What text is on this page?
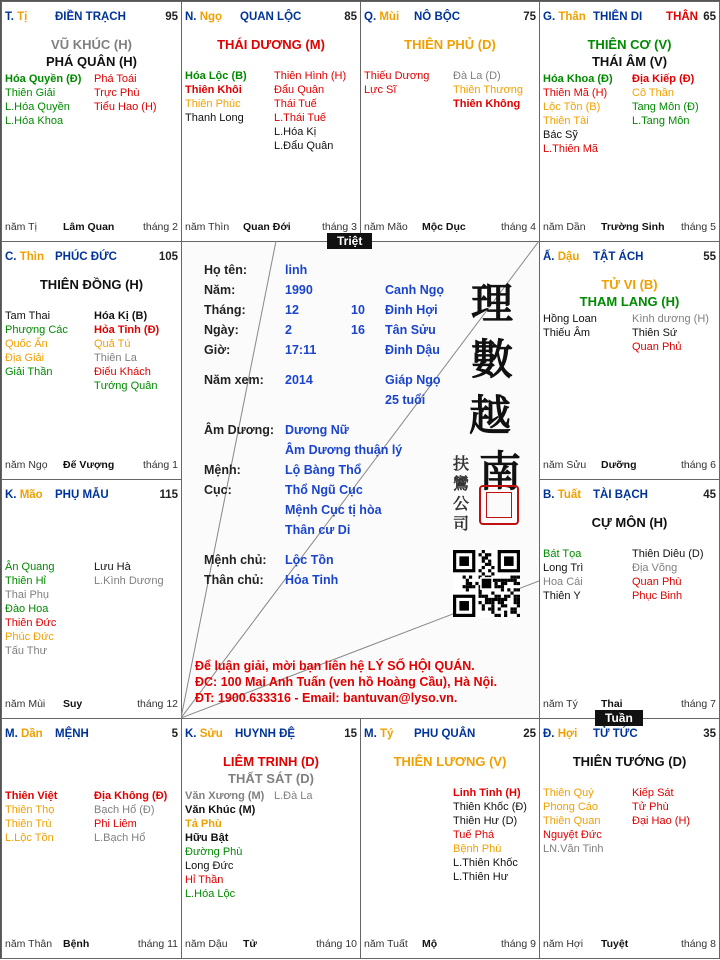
T. Tị ĐIỀN TRẠCH	95
VŨ KHÚC (H)
PHÁ QUÂN (H)
Hóa Quyền (Đ)
Thiên Giải
L.Hóa Quyền
L.Hóa Khoa
Phá Toái
Trực Phù
Tiểu Hao (H)
năm Tị Lâm Quan	tháng 2
N. Ngọ QUAN LỘC	85
THÁI DƯƠNG (M)
Hóa Lộc (B)
Thiên Khôi
Thiên Phúc
Thanh Long
Thiên Hình (H)
Đẩu Quân
Thái Tuế
L.Thái Tuế
L.Hóa Kị
L.Đẩu Quân
năm Thìn Quan Đới	tháng 3
Q. Mùi NÔ BỘC	75
THIÊN PHỦ (D)
Thiếu Dương
Lực Sĩ
Đà La (D)
Thiên Thương
Thiên Không
năm Mão Mộc Dục	tháng 4
G. Thân THIÊN DI THÂN 65
THIÊN CƠ (V)
THÁI ÂM (V)
Hóa Khoa (Đ)
Thiên Mã (H)
Lộc Tồn (B)
Thiên Tài
Bác Sỹ
L.Thiên Mã
Địa Kiếp (Đ)
Cô Thần
Tang Môn (Đ)
L.Tang Môn
năm Dần Trường Sinh tháng 5
C. Thìn PHÚC ĐỨC	105
THIÊN ĐỒNG (H)
Tam Thai
Phượng Các
Quốc Ấn
Địa Giải
Giải Thần
Hóa Kị (B)
Hỏa Tinh (Đ)
Quả Tú
Thiên La
Điếu Khách
Tướng Quân
năm Ngọ Đế Vượng	tháng 1
Ấ. Dậu TẬT ÁCH	55
TỬ VI (B)
THAM LANG (H)
Hồng Loan
Thiếu Âm
Kình dương (H)
Thiên Sứ
Quan Phủ
năm Sửu Dưỡng	tháng 6
K. Mão PHỤ MẪU	115
Ân Quang
Thiên Hỉ
Thai Phụ
Đào Hoa
Thiên Đức
Phúc Đức
Tấu Thư
Lưu Hà
L.Kình Dương
năm Mùi Suy	tháng 12
B. Tuất TÀI BẠCH	45
CỰ MÔN (H)
Bát Tọa
Long Trì
Hoa Cái
Thiên Y
Thiên Diêu (D)
Địa Võng
Quan Phù
Phục Binh
năm Tý Thai	tháng 7
M. Dần MỆNH	5
Thiên Việt
Thiên Thọ
Thiên Trù
L.Lộc Tồn
Địa Không (Đ)
Bạch Hổ (Đ)
Phi Liêm
L.Bạch Hổ
năm Thân Bệnh	tháng 11
K. Sửu HUYNH ĐỆ	15
LIÊM TRINH (D)
THẤT SÁT (D)
Văn Xương (M)
Văn Khúc (M)
Tả Phù
Hữu Bật
Đường Phù
Long Đức
Hỉ Thần
L.Hóa Lộc
L.Đà La
năm Dậu Tử	tháng 10
M. Tý PHU QUÂN	25
THIÊN LƯƠNG (V)
Linh Tinh (H)
Thiên Khốc (Đ)
Thiên Hư (D)
Tuế Phá
Bệnh Phù
L.Thiên Khốc
L.Thiên Hư
năm Tuất Mộ	tháng 9
Đ. Hợi TỬ TỨC	35
THIÊN TƯỚNG (D)
Thiên Quý
Phong Cáo
Thiên Quan
Nguyệt Đức
LN.Văn Tinh
Kiếp Sát
Tử Phù
Đại Hao (H)
năm Hợi Tuyệt	tháng 8
Họ tên:	linh
Năm:	1990	Canh Ngọ
Tháng:	12	10 Đinh Hợi
Ngày:	2	16 Tân Sửu
Giờ:	17:11	Đinh Dậu
Năm xem: 2014	Giáp Ngọ
25 tuổi
Âm Dương: Dương Nữ
Âm Dương thuận lý
Mệnh:	Lộ Bàng Thổ
Cục:	Thổ Ngũ Cục
Mệnh Cục tị hòa
Thân cư Di
Mệnh chủ: Lộc Tồn
Thân chủ: Hỏa Tinh
Để luận giải, mời bạn liên hệ LÝ SỐ HỘI QUÁN.
ĐC: 100 Mai Anh Tuấn (ven hồ Hoàng Cầu), Hà Nội.
ĐT: 1900.633316 - Email: bantuvan@lyso.vn.
理
數
越
南
扶
鸞
公
司
Triệt
Tuần
